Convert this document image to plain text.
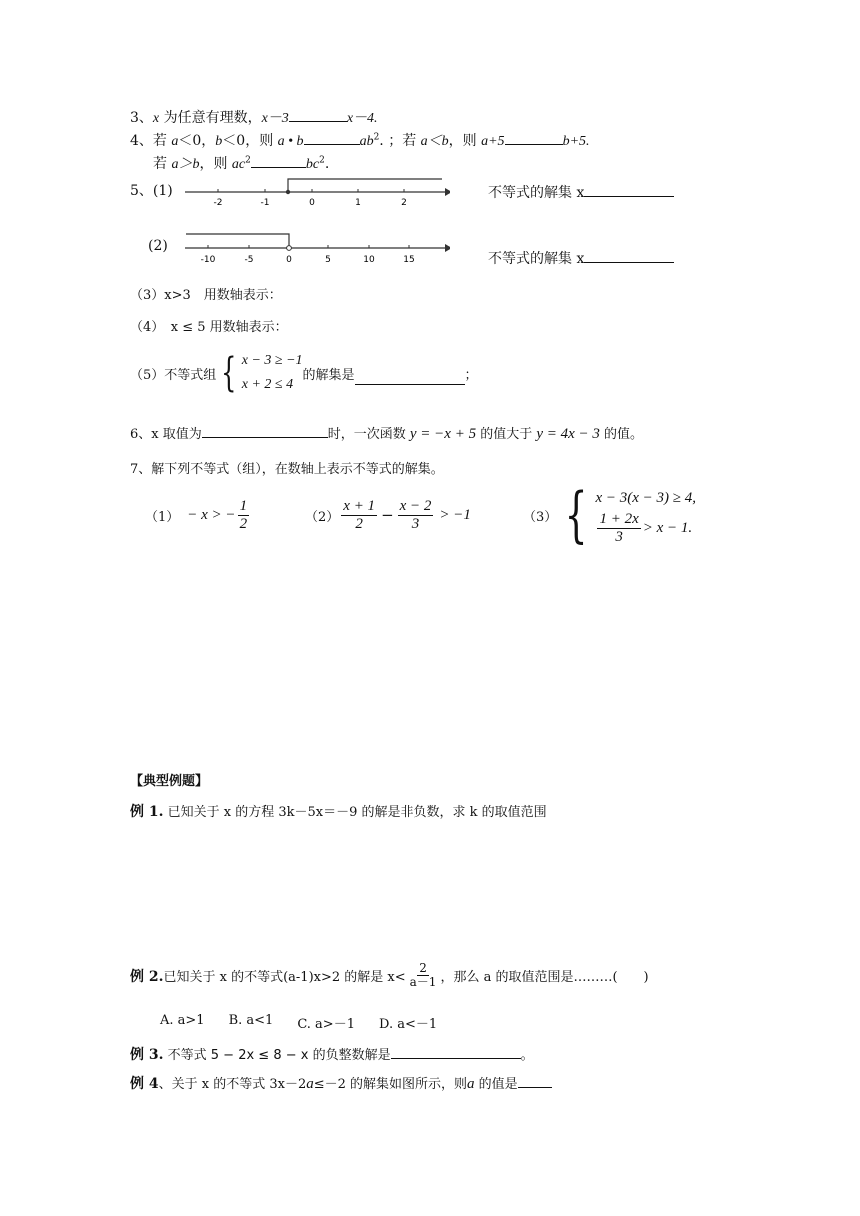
3、x 为任意有理数，x－3	x－4.
4、若 a＜0，b＜0，则 a • b	$ab^2$. ；若 a＜b，则 a+5	b+5.
若 a＞b，则 $ac^2$	$bc^2$.
5、(1)
-2	-1	0	1	2
不等式的解集 x
(2)
-10	-5	0	5	10	15	不等式的解集 x
（3）x>3　用数轴表示：
（4）　x ≤ 5 用数轴表示：
（5）不等式组 { x − 3 ≥ −1
x + 2 ≤ 4
的解集是	；
6、x 取值为	时，一次函数 y = −x + 5 的值大于 y = 4x − 3 的值。
7、解下列不等式（组），在数轴上表示不等式的解集。
（1） − x > − $\frac{1}{2}$	$(2) \frac{x + 1}{2} - \frac{x - 2}{3} > -1$	（3） { x − 3(x − 3) ≥ 4,
$\frac{1 + 2x}{3} > x - 1$.
【典型例题】
例 1. 已知关于 x 的方程 3k－5x＝－9 的解是非负数，求 k 的取值范围
例 2. 已知关于 x 的不等式(a-1)x>2 的解是 $x< \frac{2}{a-1}$ ，那么 a 的取值范围是………(　　)
A. a>1 B. a<1 C. a>－1 D. a<－1
例 3. 不等式 5 − 2x ≤ 8 − x 的负整数解是	。
例 4、关于 x 的不等式 3x－2a≤－2 的解集如图所示，则a 的值是
